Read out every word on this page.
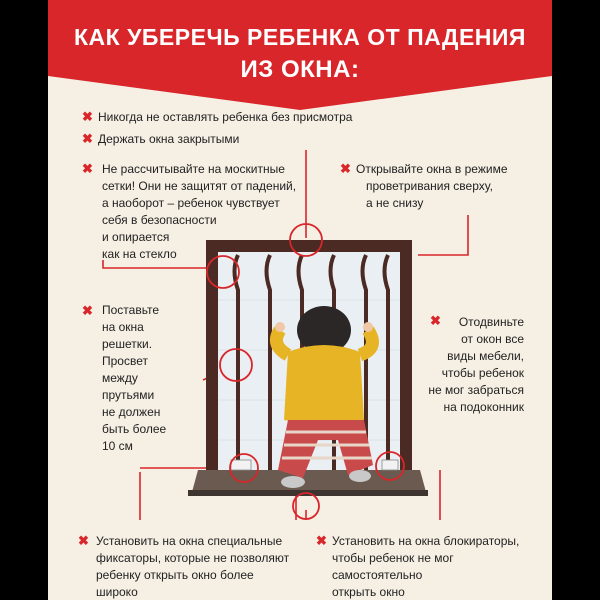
КАК УБЕРЕЧЬ РЕБЕНКА ОТ ПАДЕНИЯ
ИЗ ОКНА:
✖ Никогда не оставлять ребенка без присмотра
✖ Держать окна закрытыми
✖ Не рассчитывайте на москитные
сетки! Они не защитят от падений,
а наоборот – ребенок чувствует
себя в безопасности
и опирается
как на стекло
✖ Открывайте окна в режиме
проветривания сверху,
а не снизу
✖ Поставьте
на окна
решетки.
Просвет
между
прутьями
не должен
быть более
10 см
✖	Отодвиньте
от окон все
виды мебели,
чтобы ребенок
не мог забраться
на подоконник
✖ Установить на окна специальные
фиксаторы, которые не позволяют
ребенку открыть окно более
широко
✖ Установить на окна блокираторы,
чтобы ребенок не мог
самостоятельно
открыть окно
